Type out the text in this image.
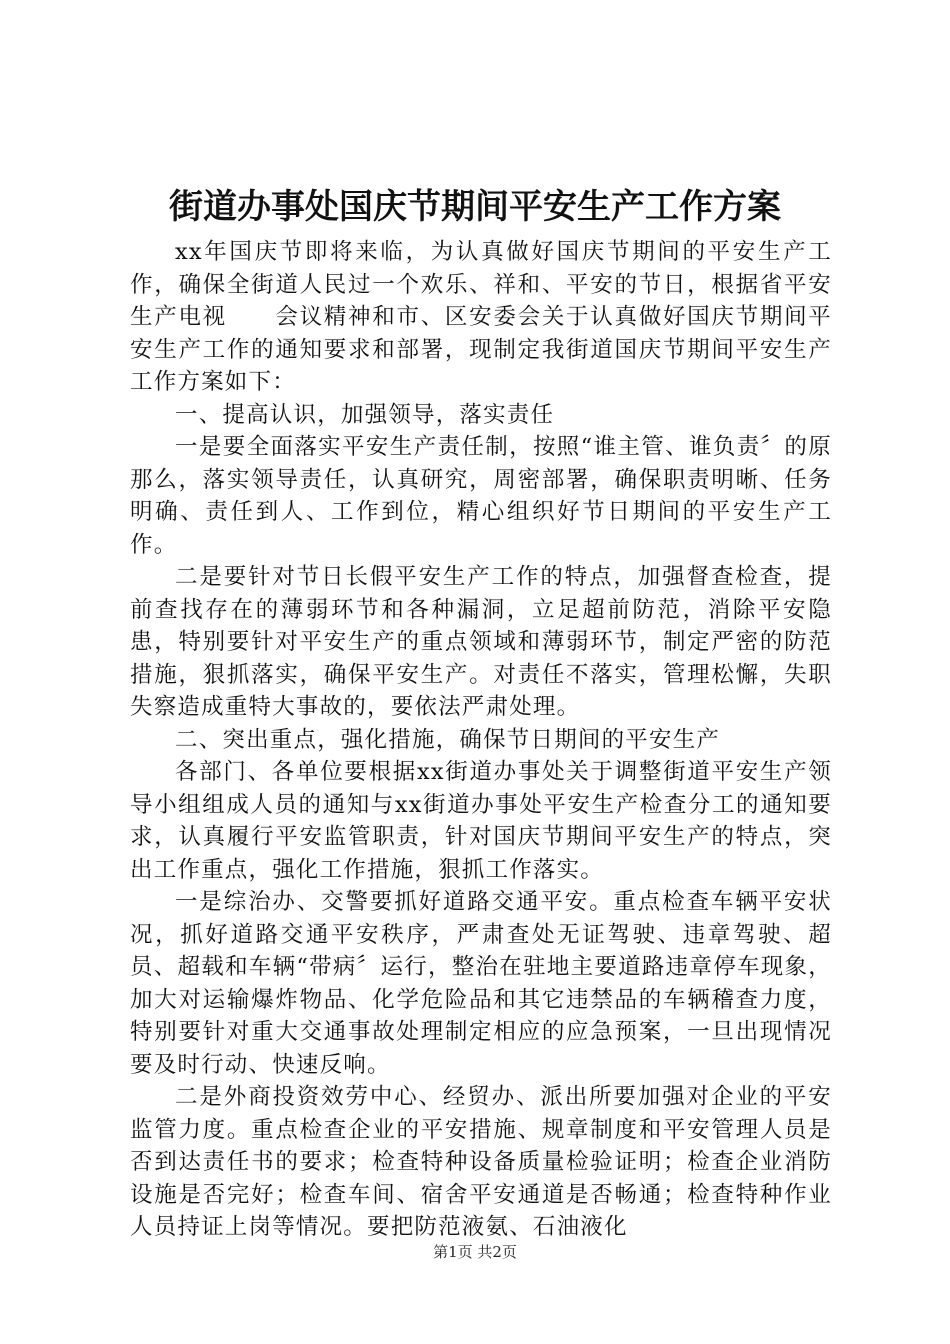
街道办事处国庆节期间平安生产工作方案

xx年国庆节即将来临，为认真做好国庆节期间的平安生产工作，确保全街道人民过一个欢乐、祥和、平安的节日，根据省平安生产电视　　会议精神和市、区安委会关于认真做好国庆节期间平安生产工作的通知要求和部署，现制定我街道国庆节期间平安生产工作方案如下：

一、提高认识，加强领导，落实责任

一是要全面落实平安生产责任制，按照“谁主管、谁负责〞的原那么，落实领导责任，认真研究，周密部署，确保职责明晰、任务明确、责任到人、工作到位，精心组织好节日期间的平安生产工作。

二是要针对节日长假平安生产工作的特点，加强督查检查，提前查找存在的薄弱环节和各种漏洞，立足超前防范，消除平安隐患，特别要针对平安生产的重点领域和薄弱环节，制定严密的防范措施，狠抓落实，确保平安生产。对责任不落实，管理松懈，失职失察造成重特大事故的，要依法严肃处理。

二、突出重点，强化措施，确保节日期间的平安生产

各部门、各单位要根据xx街道办事处关于调整街道平安生产领导小组组成人员的通知与xx街道办事处平安生产检查分工的通知要求，认真履行平安监管职责，针对国庆节期间平安生产的特点，突出工作重点，强化工作措施，狠抓工作落实。

一是综治办、交警要抓好道路交通平安。重点检查车辆平安状况，抓好道路交通平安秩序，严肃查处无证驾驶、违章驾驶、超员、超载和车辆“带病〞运行，整治在驻地主要道路违章停车现象，加大对运输爆炸物品、化学危险品和其它违禁品的车辆稽查力度，特别要针对重大交通事故处理制定相应的应急预案，一旦出现情况要及时行动、快速反响。

二是外商投资效劳中心、经贸办、派出所要加强对企业的平安监管力度。重点检查企业的平安措施、规章制度和平安管理人员是否到达责任书的要求；检查特种设备质量检验证明；检查企业消防设施是否完好；检查车间、宿舍平安通道是否畅通；检查特种作业人员持证上岗等情况。要把防范液氨、石油液化

第1页 共2页
